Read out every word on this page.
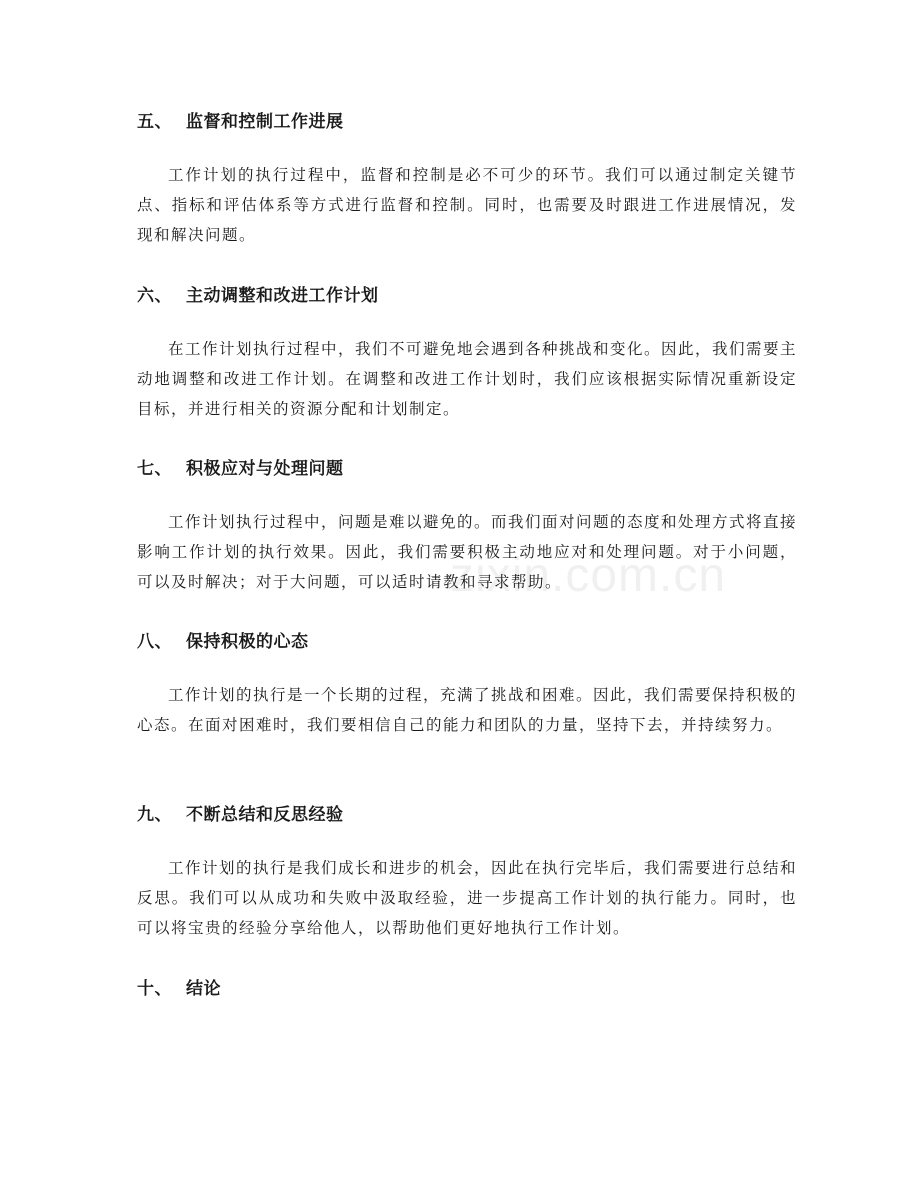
五、 监督和控制工作进展
工作计划的执行过程中，监督和控制是必不可少的环节。我们可以通过制定关键节点、指标和评估体系等方式进行监督和控制。同时，也需要及时跟进工作进展情况，发现和解决问题。
六、 主动调整和改进工作计划
在工作计划执行过程中，我们不可避免地会遇到各种挑战和变化。因此，我们需要主动地调整和改进工作计划。在调整和改进工作计划时，我们应该根据实际情况重新设定目标，并进行相关的资源分配和计划制定。
七、 积极应对与处理问题
工作计划执行过程中，问题是难以避免的。而我们面对问题的态度和处理方式将直接影响工作计划的执行效果。因此，我们需要积极主动地应对和处理问题。对于小问题，可以及时解决；对于大问题，可以适时请教和寻求帮助。
八、 保持积极的心态
工作计划的执行是一个长期的过程，充满了挑战和困难。因此，我们需要保持积极的心态。在面对困难时，我们要相信自己的能力和团队的力量，坚持下去，并持续努力。
九、 不断总结和反思经验
工作计划的执行是我们成长和进步的机会，因此在执行完毕后，我们需要进行总结和反思。我们可以从成功和失败中汲取经验，进一步提高工作计划的执行能力。同时，也可以将宝贵的经验分享给他人，以帮助他们更好地执行工作计划。
十、 结论
zixin.com.cn
